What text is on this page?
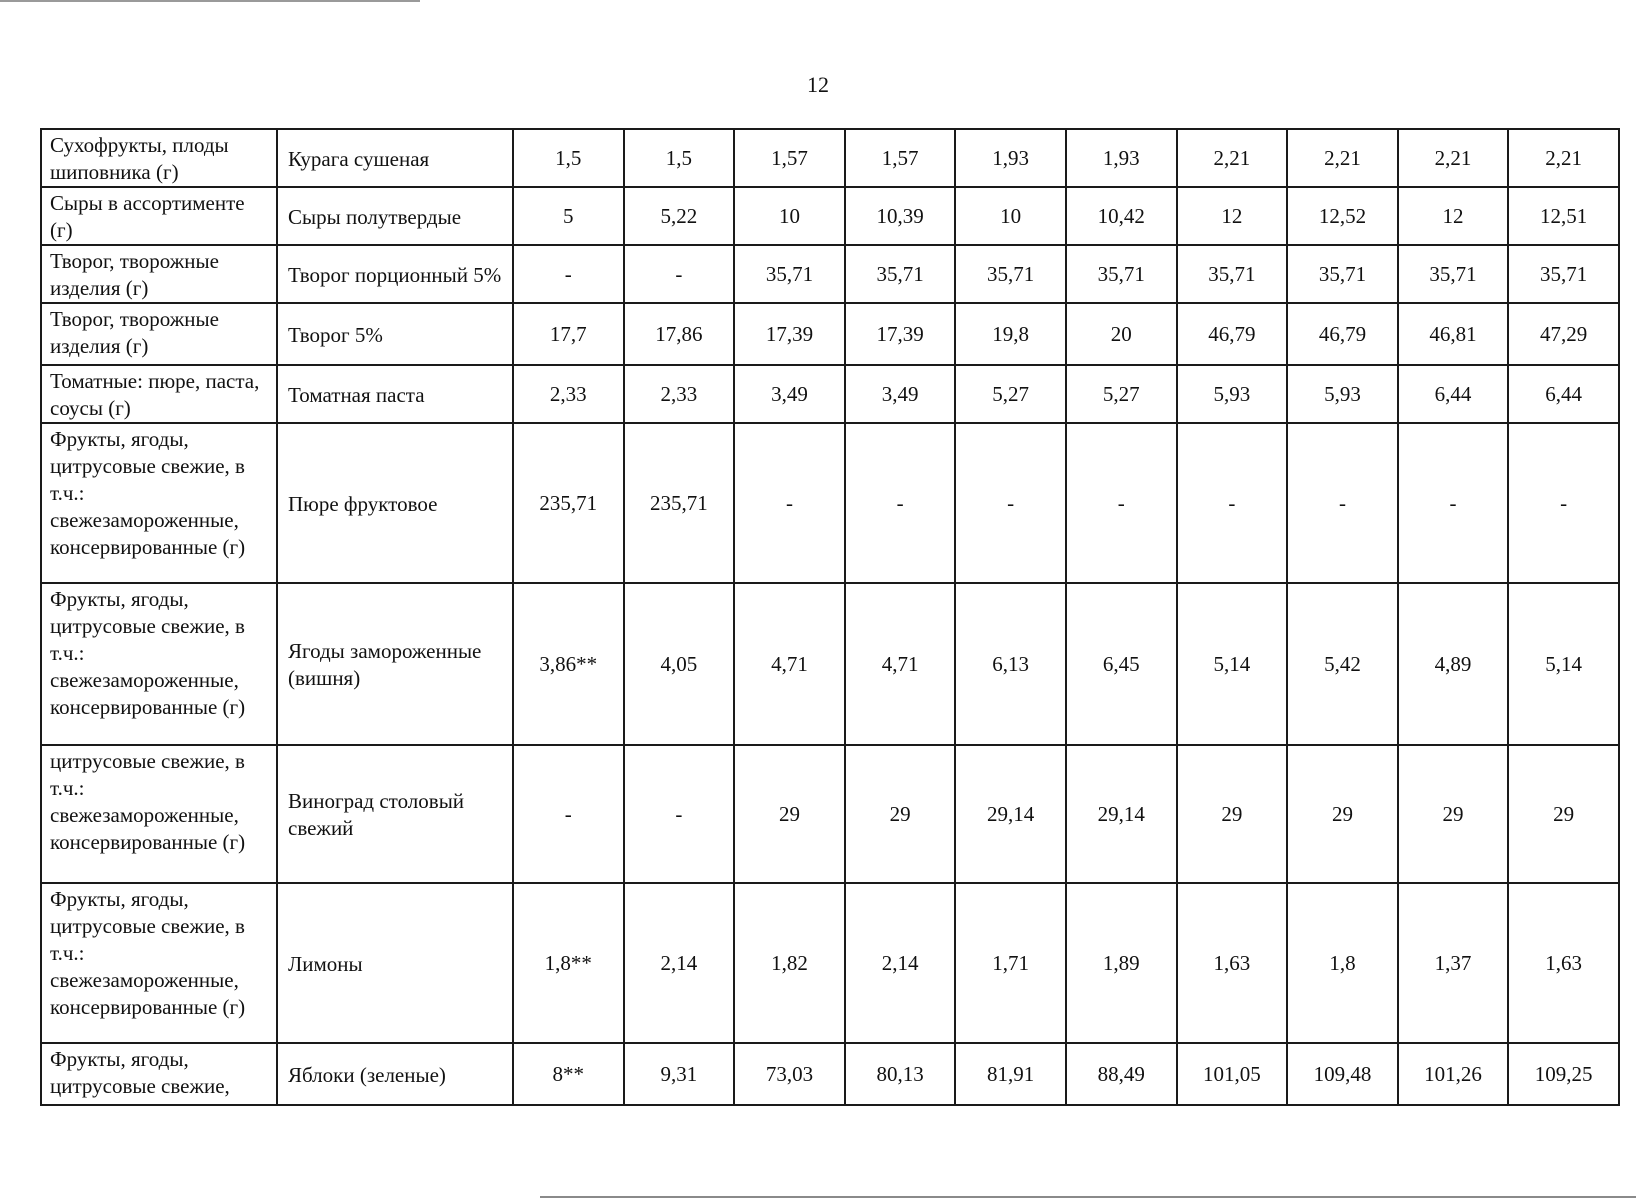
12
Сухофрукты, плоды шиповника (г)	Курага сушеная	1,5	1,5	1,57	1,57	1,93	1,93	2,21	2,21	2,21	2,21
Сыры в ассортименте (г)	Сыры полутвердые	5	5,22	10	10,39	10	10,42	12	12,52	12	12,51
Творог, творожные изделия (г)	Творог порционный 5%	-	-	35,71	35,71	35,71	35,71	35,71	35,71	35,71	35,71
Творог, творожные изделия (г)	Творог 5%	17,7	17,86	17,39	17,39	19,8	20	46,79	46,79	46,81	47,29
Томатные: пюре, паста, соусы (г)	Томатная паста	2,33	2,33	3,49	3,49	5,27	5,27	5,93	5,93	6,44	6,44
Фрукты, ягоды, цитрусовые свежие, в т.ч.: свежезамороженные, консервированные (г)	Пюре фруктовое	235,71	235,71	-	-	-	-	-	-	-	-
Фрукты, ягоды, цитрусовые свежие, в т.ч.: свежезамороженные, консервированные (г)	Ягоды замороженные (вишня)	3,86**	4,05	4,71	4,71	6,13	6,45	5,14	5,42	4,89	5,14
цитрусовые свежие, в т.ч.: свежезамороженные, консервированные (г)	Виноград столовый свежий	-	-	29	29	29,14	29,14	29	29	29	29
Фрукты, ягоды, цитрусовые свежие, в т.ч.: свежезамороженные, консервированные (г)	Лимоны	1,8**	2,14	1,82	2,14	1,71	1,89	1,63	1,8	1,37	1,63
Фрукты, ягоды, цитрусовые свежие,	Яблоки (зеленые)	8**	9,31	73,03	80,13	81,91	88,49	101,05	109,48	101,26	109,25
